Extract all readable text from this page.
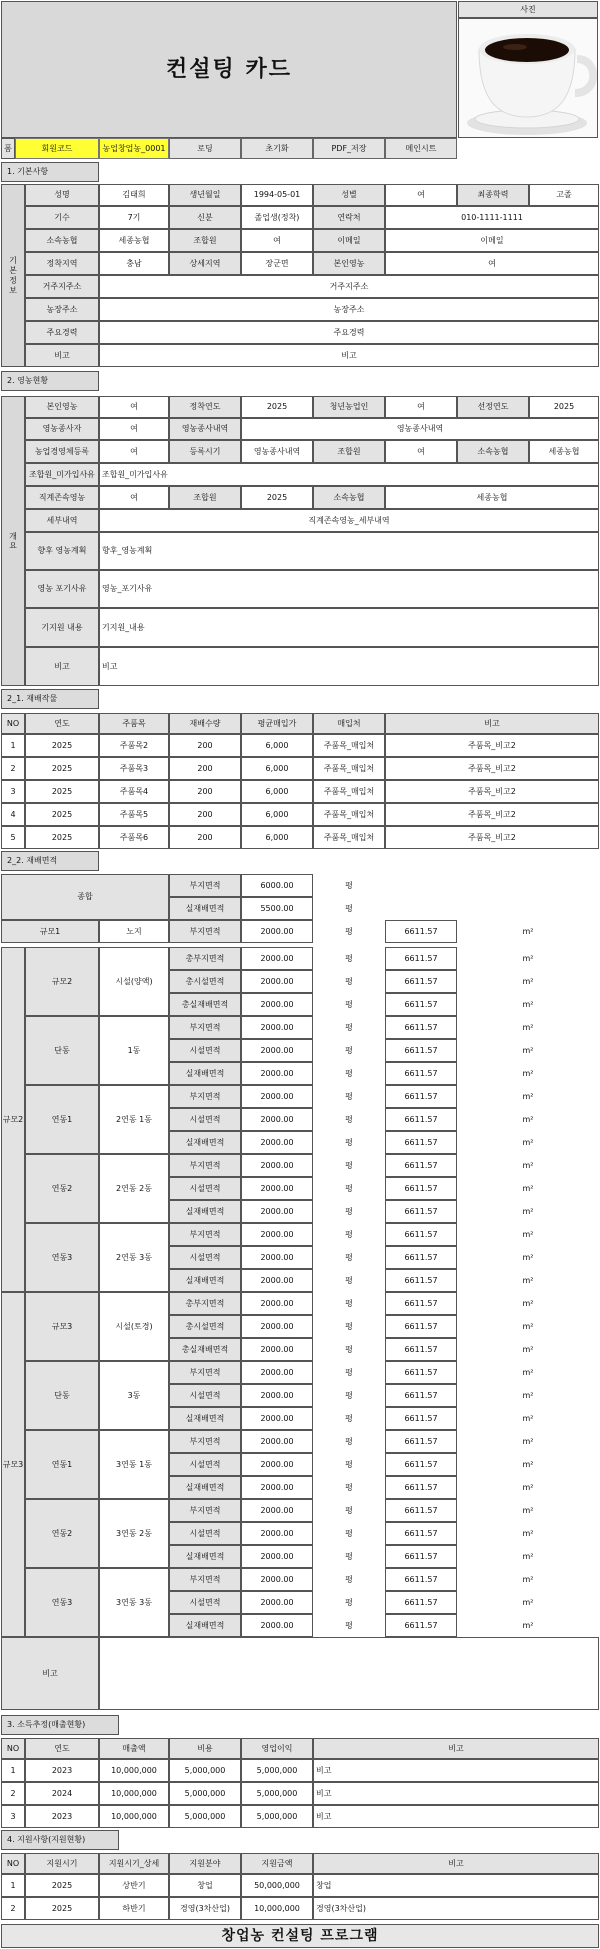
사진
컨설팅 카드
폼	회원코드	농업창업농_0001	로딩	초기화	PDF_저장	메인시트
1. 기본사항
기본정보
성명	김태희	생년월일	1994-05-01	성별	여	최종학력	고졸
기수	7기	신분	졸업생(정착)	연락처	010-1111-1111
소속농협	세종농협	조합원	여	이메일	이메일
정착지역	충남	상세지역	장군면	본인영농	여
거주지주소	거주지주소
농장주소	농장주소
주요경력	주요경력
비고	비고
2. 영농현황
개요
본인영농	여	정착연도	2025	청년농업인	여	선정연도	2025
영농종사자	여	영농종사내역	영농종사내역
농업경영체등록	여	등록시기	영농종사내역	조합원	여	소속농협	세종농협
조합원_미가입사유 조합원_미가입사유
직계존속영농	여	조합원	2025	소속농협	세종농협
세부내역	직계존속영농_세부내역
향후 영농계획	향후_영농계획
영농 포기사유	영농_포기사유
기지원 내용	기지원_내용
비고	비고
2_1. 재배작물
NO	연도	주품목	재배수량	평균매입가	매입처	비고
1	2025	주품목2	200	6,000	주품목_매입처	주품목_비고2
2	2025	주품목3	200	6,000	주품목_매입처	주품목_비고2
3	2025	주품목4	200	6,000	주품목_매입처	주품목_비고2
4	2025	주품목5	200	6,000	주품목_매입처	주품목_비고2
5	2025	주품목6	200	6,000	주품목_매입처	주품목_비고2
2_2. 재배면적
종합
부지면적	6000.00	평
실재배면적	5500.00	평
규모1	노지	부지면적	2000.00	평	6611.57	m²
규모2
규모2	시설(양액)
총부지면적	2000.00	평	6611.57	m²
총시설면적	2000.00	평	6611.57	m²
총실재배면적	2000.00	평	6611.57	m²
단동	1동
부지면적	2000.00	평	6611.57	m²
시설면적	2000.00	평	6611.57	m²
실재배면적	2000.00	평	6611.57	m²
연동1	2연동 1동
부지면적	2000.00	평	6611.57	m²
시설면적	2000.00	평	6611.57	m²
실재배면적	2000.00	평	6611.57	m²
연동2	2연동 2동
부지면적	2000.00	평	6611.57	m²
시설면적	2000.00	평	6611.57	m²
실재배면적	2000.00	평	6611.57	m²
연동3	2연동 3동
부지면적	2000.00	평	6611.57	m²
시설면적	2000.00	평	6611.57	m²
실재배면적	2000.00	평	6611.57	m²
규모3
규모3	시설(토경)
총부지면적	2000.00	평	6611.57	m²
총시설면적	2000.00	평	6611.57	m²
총실재배면적	2000.00	평	6611.57	m²
단동	3동
부지면적	2000.00	평	6611.57	m²
시설면적	2000.00	평	6611.57	m²
실재배면적	2000.00	평	6611.57	m²
연동1	3연동 1동
부지면적	2000.00	평	6611.57	m²
시설면적	2000.00	평	6611.57	m²
실재배면적	2000.00	평	6611.57	m²
연동2	3연동 2동
부지면적	2000.00	평	6611.57	m²
시설면적	2000.00	평	6611.57	m²
실재배면적	2000.00	평	6611.57	m²
연동3	3연동 3동
부지면적	2000.00	평	6611.57	m²
시설면적	2000.00	평	6611.57	m²
실재배면적	2000.00	평	6611.57	m²
비고
3. 소득추정(매출현황)
NO	연도	매출액	비용	영업이익	비고
1	2023	10,000,000	5,000,000	5,000,000	비고
2	2024	10,000,000	5,000,000	5,000,000	비고
3	2023	10,000,000	5,000,000	5,000,000	비고
4. 지원사항(지원현황)
NO	지원시기	지원시기_상세	지원분야	지원금액	비고
1	2025	상반기	창업	50,000,000	창업
2	2025	하반기	경영(3차산업)	10,000,000	경영(3차산업)
창업농 컨설팅 프로그램
